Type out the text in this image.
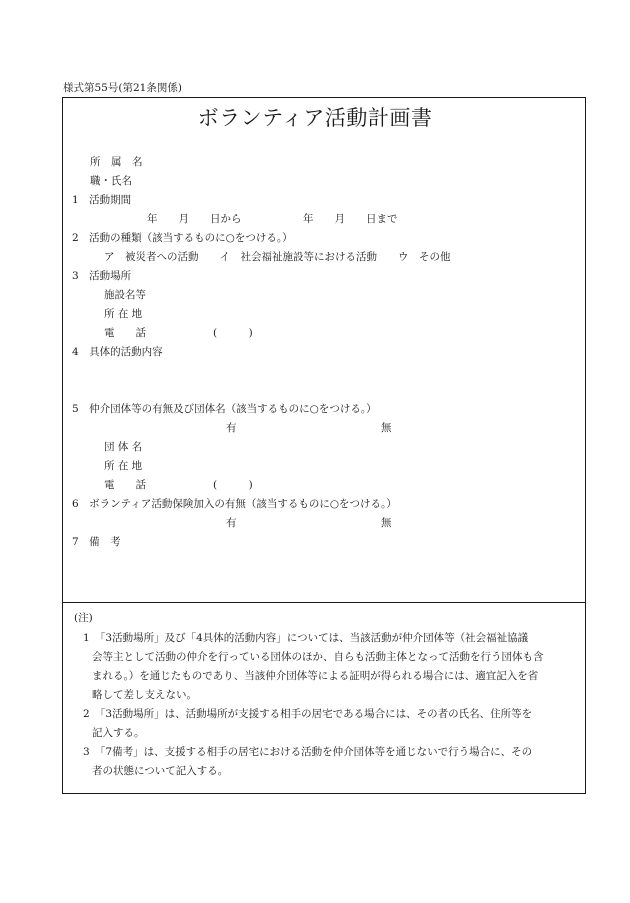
様式第55号(第21条関係)
ボランティア活動計画書
所　属　名
職・氏名
1　活動期間
年　　月　　日から	年　　月　　日まで
2　活動の種類（該当するものに○をつける。）
ア　被災者への活動　　イ　社会福祉施設等における活動　　ウ　その他
3　活動場所
施設名等
所 在 地
電　　話	(　　　)
4　具体的活動内容
5　仲介団体等の有無及び団体名（該当するものに○をつける。）
有	無
団 体 名
所 在 地
電　　話	(　　　)
6　ボランティア活動保険加入の有無（該当するものに○をつける。）
有	無
7　備　考
(注)
1　「3活動場所」及び「4具体的活動内容」については、当該活動が仲介団体等（社会福祉協議
会等主として活動の仲介を行っている団体のほか、自らも活動主体となって活動を行う団体も含
まれる。）を通じたものであり、当該仲介団体等による証明が得られる場合には、適宜記入を省
略して差し支えない。
2　「3活動場所」は、活動場所が支援する相手の居宅である場合には、その者の氏名、住所等を
記入する。
3　「7備考」は、支援する相手の居宅における活動を仲介団体等を通じないで行う場合に、その
者の状態について記入する。
